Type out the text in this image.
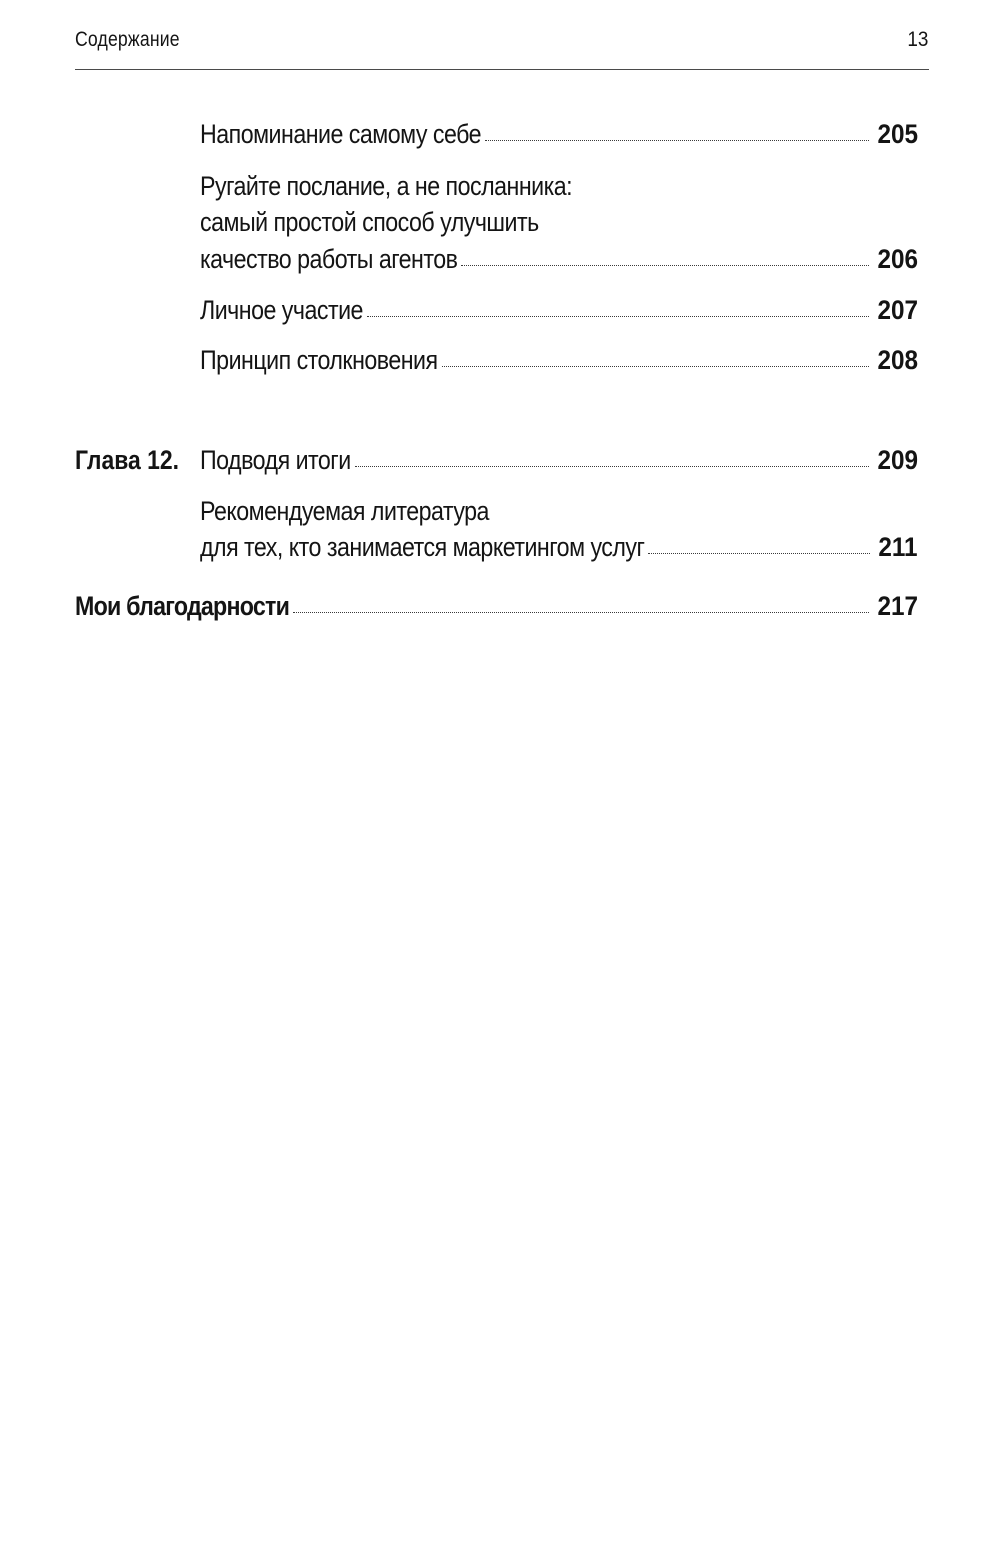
Содержание	13
Напоминание самому себе	205
Ругайте послание, а не посланника:
самый простой способ улучшить
качество работы агентов	206
Личное участие	207
Принцип столкновения	208
Глава 12. Подводя итоги	209
Рекомендуемая литература
для тех, кто занимается маркетингом услуг	211
Мои благодарности	217
